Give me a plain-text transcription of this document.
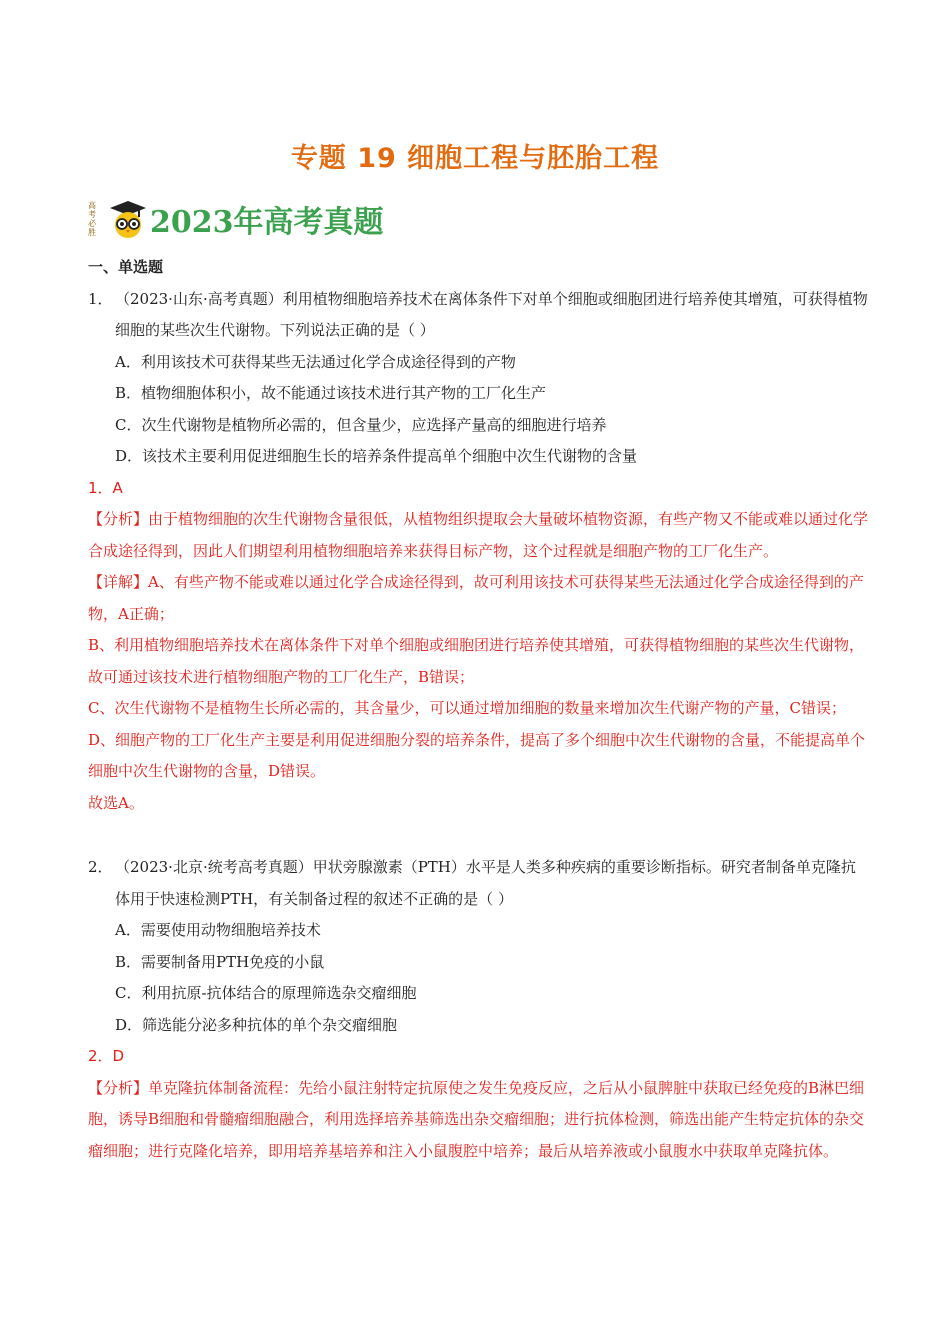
专题 19 细胞工程与胚胎工程
高
考
必
胜 2023年高考真题
一、单选题
1． （2023·山东·高考真题）利用植物细胞培养技术在离体条件下对单个细胞或细胞团进行培养使其增殖，可获得植物细胞的某些次生代谢物。下列说法正确的是（ ）
A．利用该技术可获得某些无法通过化学合成途径得到的产物
B．植物细胞体积小，故不能通过该技术进行其产物的工厂化生产
C．次生代谢物是植物所必需的，但含量少，应选择产量高的细胞进行培养
D．该技术主要利用促进细胞生长的培养条件提高单个细胞中次生代谢物的含量
1．A
【分析】由于植物细胞的次生代谢物含量很低，从植物组织提取会大量破坏植物资源，有些产物又不能或难以通过化学合成途径得到，因此人们期望利用植物细胞培养来获得目标产物，这个过程就是细胞产物的工厂化生产。
【详解】A、有些产物不能或难以通过化学合成途径得到，故可利用该技术可获得某些无法通过化学合成途径得到的产物，A正确；
B、利用植物细胞培养技术在离体条件下对单个细胞或细胞团进行培养使其增殖，可获得植物细胞的某些次生代谢物，故可通过该技术进行植物细胞产物的工厂化生产，B错误；
C、次生代谢物不是植物生长所必需的，其含量少，可以通过增加细胞的数量来增加次生代谢产物的产量，C错误；
D、细胞产物的工厂化生产主要是利用促进细胞分裂的培养条件，提高了多个细胞中次生代谢物的含量，不能提高单个细胞中次生代谢物的含量，D错误。
故选A。
2． （2023·北京·统考高考真题）甲状旁腺激素（PTH）水平是人类多种疾病的重要诊断指标。研究者制备单克隆抗体用于快速检测PTH，有关制备过程的叙述不正确的是（ ）
A．需要使用动物细胞培养技术
B．需要制备用PTH免疫的小鼠
C．利用抗原-抗体结合的原理筛选杂交瘤细胞
D．筛选能分泌多种抗体的单个杂交瘤细胞
2．D
【分析】单克隆抗体制备流程：先给小鼠注射特定抗原使之发生免疫反应，之后从小鼠脾脏中获取已经免疫的B淋巴细胞，诱导B细胞和骨髓瘤细胞融合，利用选择培养基筛选出杂交瘤细胞；进行抗体检测，筛选出能产生特定抗体的杂交瘤细胞；进行克隆化培养，即用培养基培养和注入小鼠腹腔中培养；最后从培养液或小鼠腹水中获取单克隆抗体。
